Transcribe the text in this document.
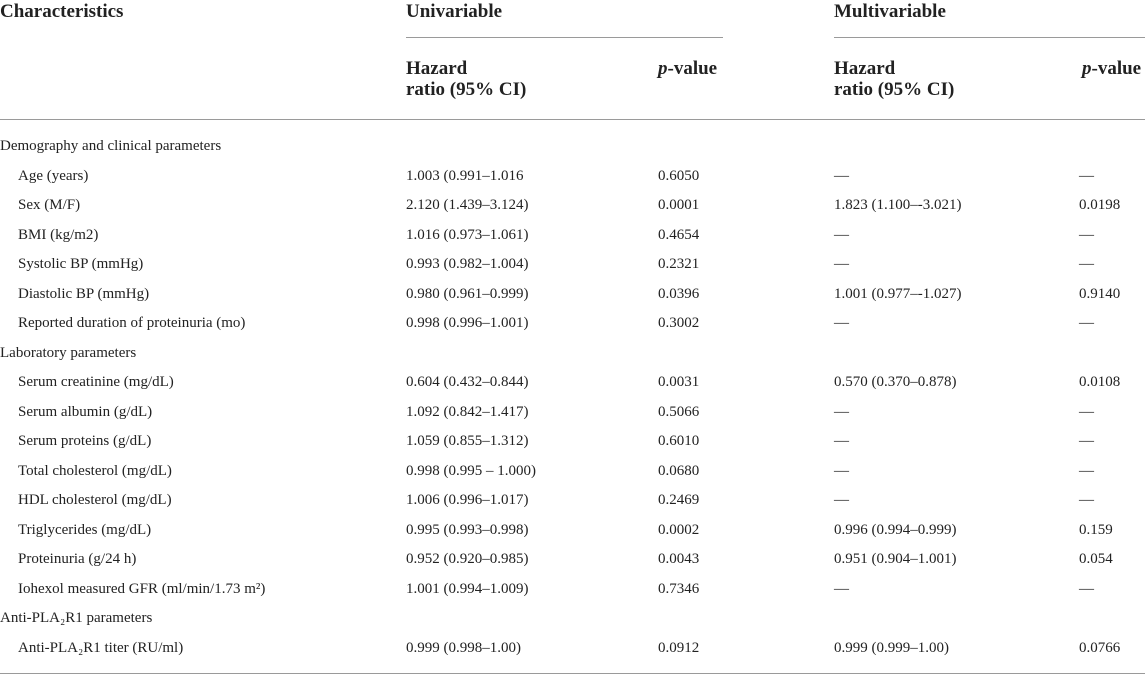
Characteristics	Univariable	Multivariable
Hazard
ratio (95% CI)
p-value	Hazard
ratio (95% CI)
p-value
Demography and clinical parameters
Age (years)	1.003 (0.991–1.016	0.6050	—	—
Sex (M/F)	2.120 (1.439–3.124)	0.0001	1.823 (1.100–-3.021)	0.0198
BMI (kg/m2)	1.016 (0.973–1.061)	0.4654	—	—
Systolic BP (mmHg)	0.993 (0.982–1.004)	0.2321	—	—
Diastolic BP (mmHg)	0.980 (0.961–0.999)	0.0396	1.001 (0.977–-1.027)	0.9140
Reported duration of proteinuria (mo)	0.998 (0.996–1.001)	0.3002	—	—
Laboratory parameters
Serum creatinine (mg/dL)	0.604 (0.432–0.844)	0.0031	0.570 (0.370–0.878)	0.0108
Serum albumin (g/dL)	1.092 (0.842–1.417)	0.5066	—	—
Serum proteins (g/dL)	1.059 (0.855–1.312)	0.6010	—	—
Total cholesterol (mg/dL)	0.998 (0.995 – 1.000)	0.0680	—	—
HDL cholesterol (mg/dL)	1.006 (0.996–1.017)	0.2469	—	—
Triglycerides (mg/dL)	0.995 (0.993–0.998)	0.0002	0.996 (0.994–0.999)	0.159
Proteinuria (g/24 h)	0.952 (0.920–0.985)	0.0043	0.951 (0.904–1.001)	0.054
Iohexol measured GFR (ml/min/1.73 m²)	1.001 (0.994–1.009)	0.7346	—	—
Anti-PLA₂R1 parameters
Anti-PLA₂R1 titer (RU/ml)	0.999 (0.998–1.00)	0.0912	0.999 (0.999–1.00)	0.0766
